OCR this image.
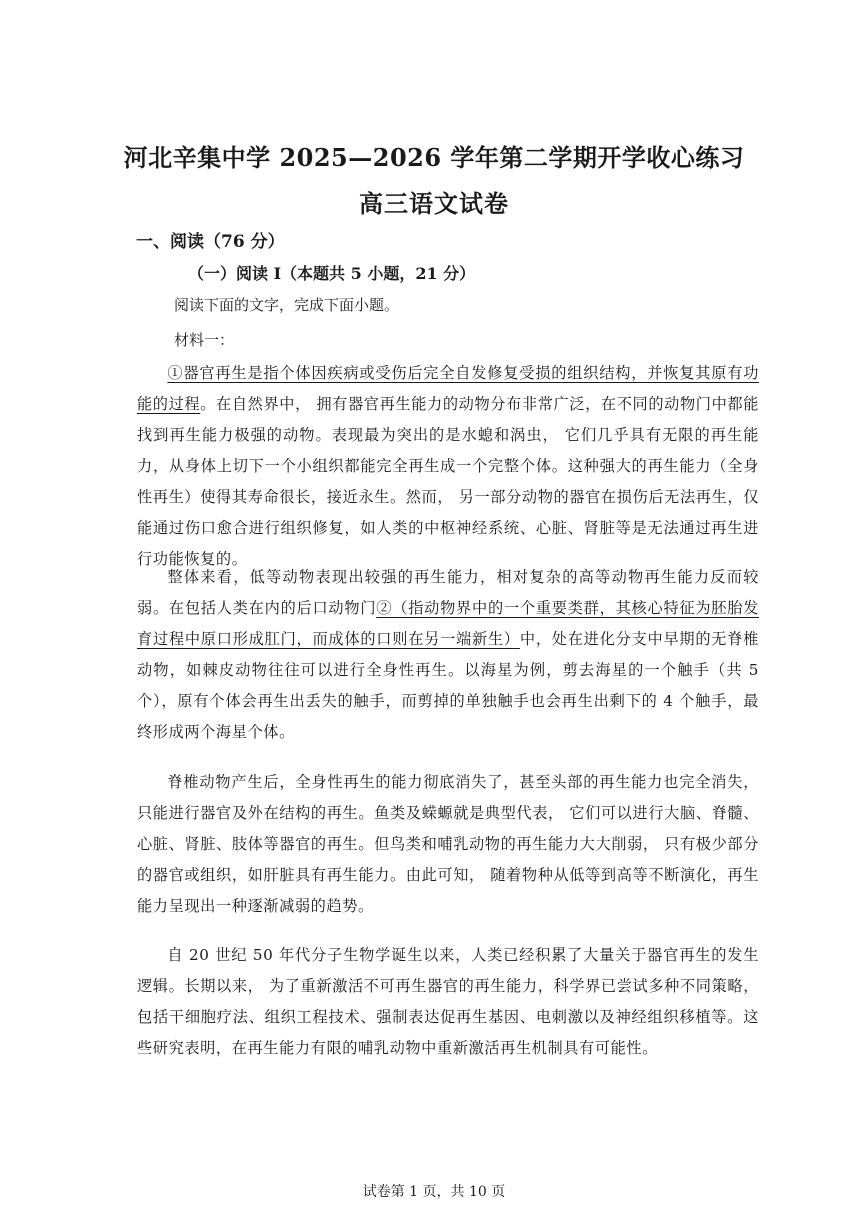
河北辛集中学 2025—2026 学年第二学期开学收心练习
高三语文试卷
一、阅读（76 分）
（一）阅读 I（本题共 5 小题，21 分）
阅读下面的文字，完成下面小题。
材料一：

①器官再生是指个体因疾病或受伤后完全自发修复受损的组织结构，并恢复其原有功能的过程。在自然界中， 拥有器官再生能力的动物分布非常广泛，在不同的动物门中都能找到再生能力极强的动物。表现最为突出的是水螅和涡虫， 它们几乎具有无限的再生能力，从身体上切下一个小组织都能完全再生成一个完整个体。这种强大的再生能力（全身性再生）使得其寿命很长，接近永生。然而， 另一部分动物的器官在损伤后无法再生，仅能通过伤口愈合进行组织修复，如人类的中枢神经系统、心脏、肾脏等是无法通过再生进行功能恢复的。

整体来看，低等动物表现出较强的再生能力，相对复杂的高等动物再生能力反而较弱。在包括人类在内的后口动物门②（指动物界中的一个重要类群，其核心特征为胚胎发育过程中原口形成肛门，而成体的口则在另一端新生）中，处在进化分支中早期的无脊椎动物，如棘皮动物往往可以进行全身性再生。以海星为例，剪去海星的一个触手（共 5 个），原有个体会再生出丢失的触手，而剪掉的单独触手也会再生出剩下的 4 个触手，最终形成两个海星个体。

脊椎动物产生后，全身性再生的能力彻底消失了，甚至头部的再生能力也完全消失，只能进行器官及外在结构的再生。鱼类及蝾螈就是典型代表， 它们可以进行大脑、脊髓、心脏、肾脏、肢体等器官的再生。但鸟类和哺乳动物的再生能力大大削弱， 只有极少部分的器官或组织，如肝脏具有再生能力。由此可知， 随着物种从低等到高等不断演化，再生能力呈现出一种逐渐减弱的趋势。

自 20 世纪 50 年代分子生物学诞生以来，人类已经积累了大量关于器官再生的发生逻辑。长期以来， 为了重新激活不可再生器官的再生能力，科学界已尝试多种不同策略，包括干细胞疗法、组织工程技术、强制表达促再生基因、电刺激以及神经组织移植等。这些研究表明，在再生能力有限的哺乳动物中重新激活再生机制具有可能性。

试卷第 1 页，共 10 页
